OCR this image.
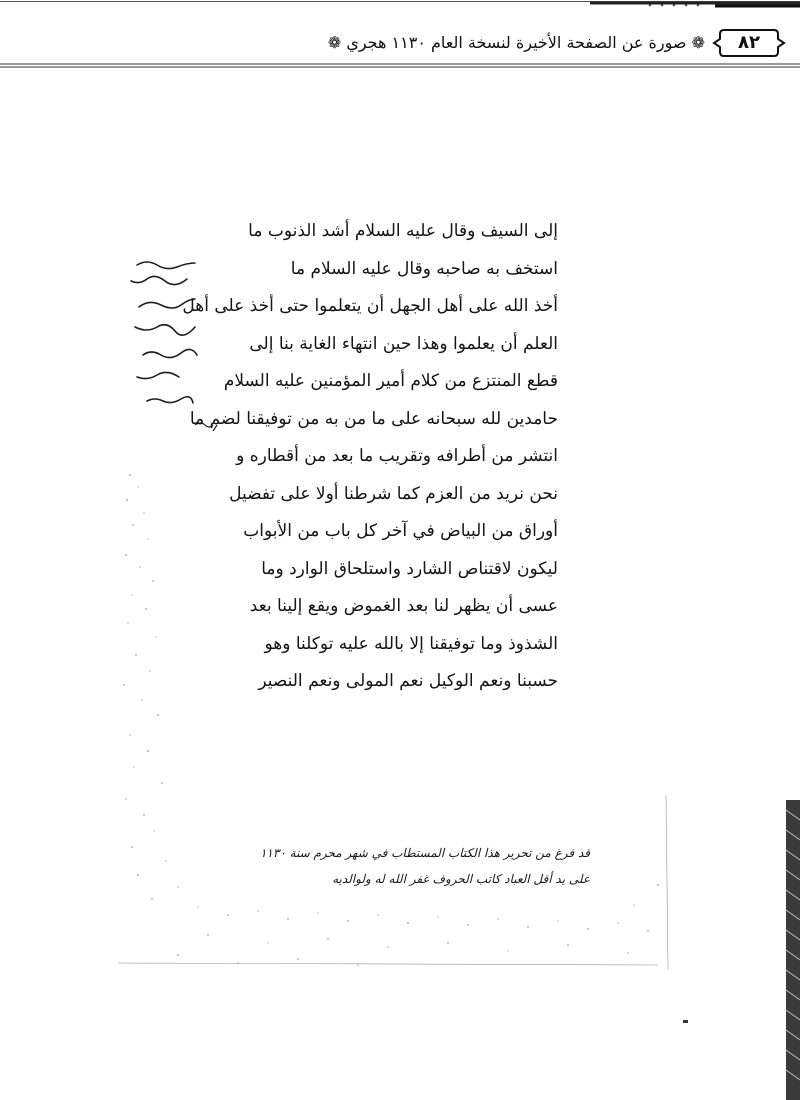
٨٢
❁ صورة عن الصفحة الأخيرة لنسخة العام ١١٣٠ هجري ❁
إلى السيف وقال عليه السلام أشد الذنوب ما
استخف به صاحبه وقال عليه السلام ما
أخذ الله على أهل الجهل أن يتعلموا حتى أخذ على أهل
العلم أن يعلموا وهذا حين انتهاء الغاية بنا إلى
قطع المنتزع من كلام أمير المؤمنين عليه السلام
حامدين لله سبحانه على ما من به من توفيقنا لضم ما
انتشر من أطرافه وتقريب ما بعد من أقطاره و
نحن نريد من العزم كما شرطنا أولا على تفضيل
أوراق من البياض في آخر كل باب من الأبواب
ليكون لاقتناص الشارد واستلحاق الوارد وما
عسى أن يظهر لنا بعد الغموض ويقع إلينا بعد
الشذوذ وما توفيقنا إلا بالله عليه توكلنا وهو
حسبنا ونعم الوكيل نعم المولى ونعم النصير
قد فرغ من تحرير هذا الكتاب المستطاب في شهر محرم سنة ١١٣٠
على يد أقل العباد كاتب الحروف غفر الله له ولوالديه
